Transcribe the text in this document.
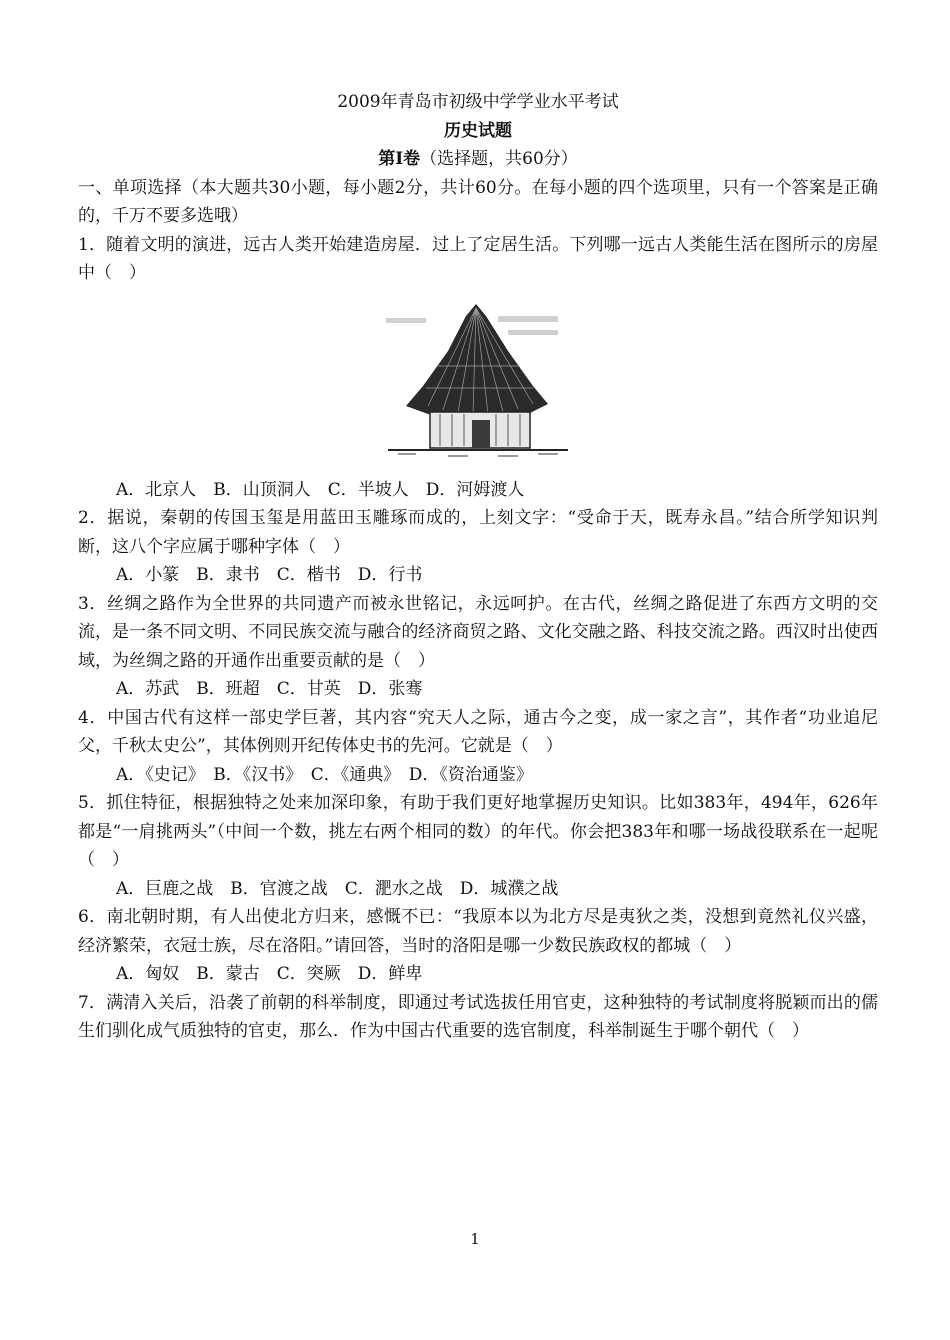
2009年青岛市初级中学学业水平考试
历史试题
第Ⅰ卷（选择题，共60分）

一、单项选择（本大题共30小题，每小题2分，共计60分。在每小题的四个选项里，只有一个答案是正确的，千万不要多选哦）

1．随着文明的演进，远古人类开始建造房屋．过上了定居生活。下列哪一远古人类能生活在图所示的房屋中（　）

A．北京人　B．山顶洞人　C．半坡人　D．河姆渡人

2．据说，秦朝的传国玉玺是用蓝田玉雕琢而成的，上刻文字：“受命于天，既寿永昌。”结合所学知识判断，这八个字应属于哪种字体（　）

A．小篆　B．隶书　C．楷书　D．行书

3．丝绸之路作为全世界的共同遗产而被永世铭记，永远呵护。在古代，丝绸之路促进了东西方文明的交流，是一条不同文明、不同民族交流与融合的经济商贸之路、文化交融之路、科技交流之路。西汉时出使西域，为丝绸之路的开通作出重要贡献的是（　）

A．苏武　B．班超　C．甘英　D．张骞

4．中国古代有这样一部史学巨著，其内容“究天人之际，通古今之变，成一家之言”，其作者“功业追尼父，千秋太史公”，其体例则开纪传体史书的先河。它就是（　）

A．《史记》　B．《汉书》　C．《通典》　D．《资治通鉴》

5．抓住特征，根据独特之处来加深印象，有助于我们更好地掌握历史知识。比如383年，494年，626年都是“一肩挑两头”（中间一个数，挑左右两个相同的数）的年代。你会把383年和哪一场战役联系在一起呢（　）

A．巨鹿之战　B．官渡之战　C．淝水之战　D．城濮之战

6．南北朝时期，有人出使北方归来，感慨不已：“我原本以为北方尽是夷狄之类，没想到竟然礼仪兴盛，经济繁荣，衣冠士族，尽在洛阳。”请回答，当时的洛阳是哪一少数民族政权的都城（　）

A．匈奴　B．蒙古　C．突厥　D．鲜卑

7．满清入关后，沿袭了前朝的科举制度，即通过考试选拔任用官吏，这种独特的考试制度将脱颖而出的儒生们驯化成气质独特的官吏，那么．作为中国古代重要的选官制度，科举制诞生于哪个朝代（　）

1
